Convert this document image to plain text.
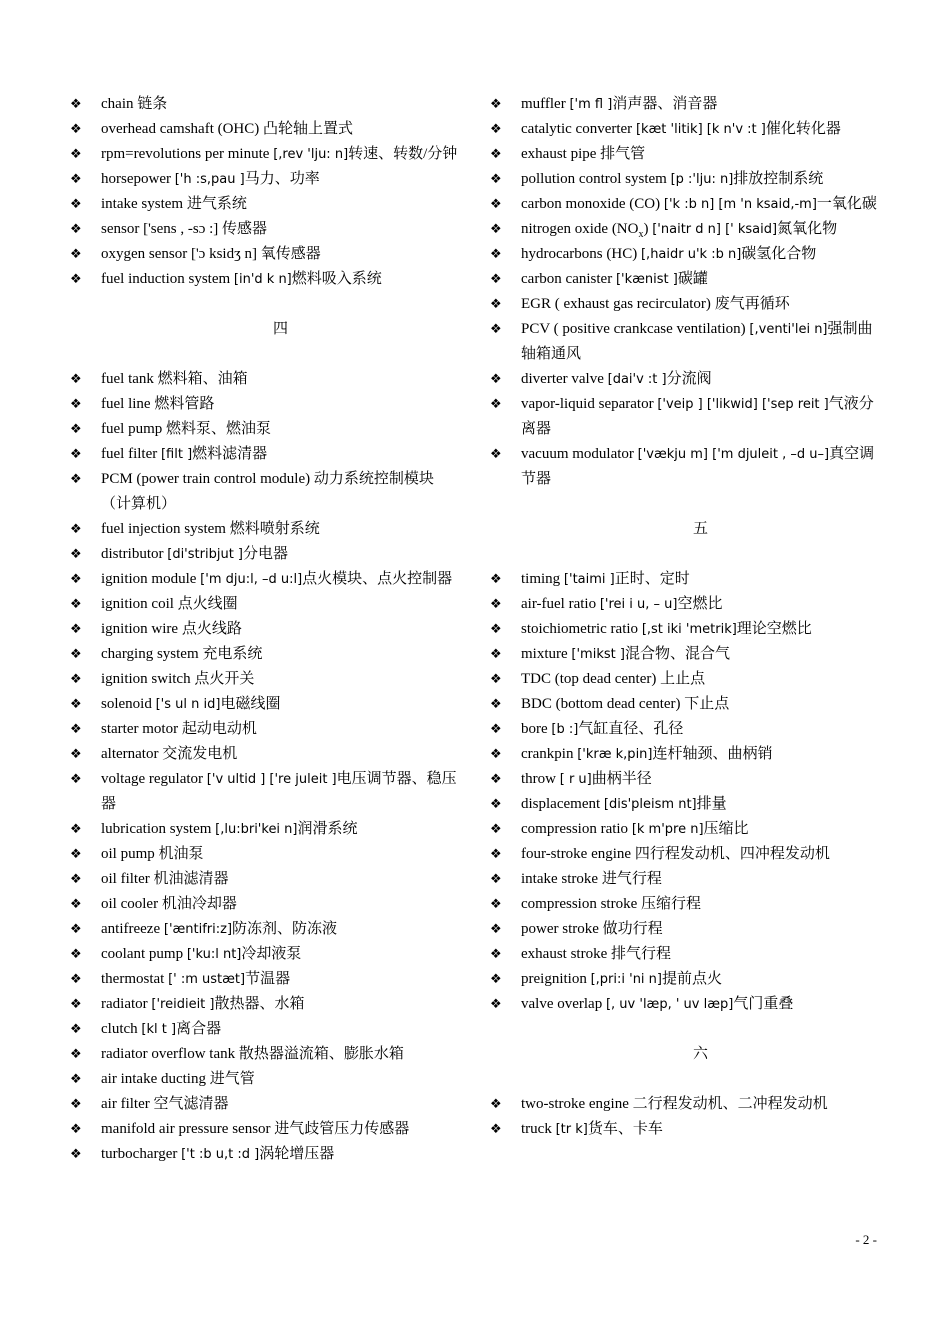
❖ chain 链条
❖ overhead camshaft (OHC) 凸轮轴上置式
❖ rpm=revolutions per minute [,rev 'lju: n]转速、转数/分钟
❖ horsepower ['h :s,pau ]马力、功率
❖ intake system 进气系统
❖ sensor ['sens , -sɔ :] 传感器
❖ oxygen sensor ['ɔ ksidʒ n] 氧传感器
❖ fuel induction system [in'd k n]燃料吸入系统
四
❖ fuel tank 燃料箱、油箱
❖ fuel line 燃料管路
❖ fuel pump 燃料泵、燃油泵
❖ fuel filter [filt ]燃料滤清器
❖ PCM (power train control module) 动力系统控制模块（计算机）
❖ fuel injection system 燃料喷射系统
❖ distributor [di'stribjut ]分电器
❖ ignition module ['m dju:l, –d u:l]点火模块、点火控制器
❖ ignition coil 点火线圈
❖ ignition wire 点火线路
❖ charging system 充电系统
❖ ignition switch 点火开关
❖ solenoid ['s ul n id]电磁线圈
❖ starter motor 起动电动机
❖ alternator 交流发电机
❖ voltage regulator ['v ultid ] ['re juleit ]电压调节器、稳压器
❖ lubrication system [,lu:bri'kei n]润滑系统
❖ oil pump 机油泵
❖ oil filter 机油滤清器
❖ oil cooler 机油冷却器
❖ antifreeze ['æntifri:z]防冻剂、防冻液
❖ coolant pump ['ku:l nt]冷却液泵
❖ thermostat [' :m ustæt]节温器
❖ radiator ['reidieit ]散热器、水箱
❖ clutch [kl t ]离合器
❖ radiator overflow tank 散热器溢流箱、膨胀水箱
❖ air intake ducting 进气管
❖ air filter 空气滤清器
❖ manifold air pressure sensor 进气歧管压力传感器
❖ turbocharger ['t :b u,t :d ]涡轮增压器
❖ muffler ['m fl ]消声器、消音器
❖ catalytic converter [kæt 'litik] [k n'v :t ]催化转化器
❖ exhaust pipe 排气管
❖ pollution control system [p :'lju: n]排放控制系统
❖ carbon monoxide (CO) ['k :b n] [m 'n ksaid,-m]一氧化碳
❖ nitrogen oxide $(NO_x)$ ['naitr d n] [' ksaid]氮氧化物
❖ hydrocarbons (HC) [,haidr u'k :b n]碳氢化合物
❖ carbon canister ['kænist ]碳罐
❖ EGR ( exhaust gas recirculator) 废气再循环
❖ PCV ( positive crankcase ventilation) [,venti'lei n]强制曲轴箱通风
❖ diverter valve [dai'v :t ]分流阀
❖ vapor-liquid separator ['veip ] ['likwid] ['sep reit ]气液分离器
❖ vacuum modulator ['vækju m] ['m djuleit , –d u–]真空调节器
五
❖ timing ['taimi ]正时、定时
❖ air-fuel ratio ['rei i u, – u]空燃比
❖ stoichiometric ratio [,st iki 'metrik]理论空燃比
❖ mixture ['mikst ]混合物、混合气
❖ TDC (top dead center) 上止点
❖ BDC (bottom dead center) 下止点
❖ bore [b :]气缸直径、孔径
❖ crankpin ['kræ k,pin]连杆轴颈、曲柄销
❖ throw [ r u]曲柄半径
❖ displacement [dis'pleism nt]排量
❖ compression ratio [k m'pre n]压缩比
❖ four-stroke engine 四行程发动机、四冲程发动机
❖ intake stroke 进气行程
❖ compression stroke 压缩行程
❖ power stroke 做功行程
❖ exhaust stroke 排气行程
❖ preignition [,pri:i 'ni n]提前点火
❖ valve overlap [, uv 'læp, ' uv læp]气门重叠
六
❖ two-stroke engine 二行程发动机、二冲程发动机
❖ truck [tr k]货车、卡车
- 2 -
